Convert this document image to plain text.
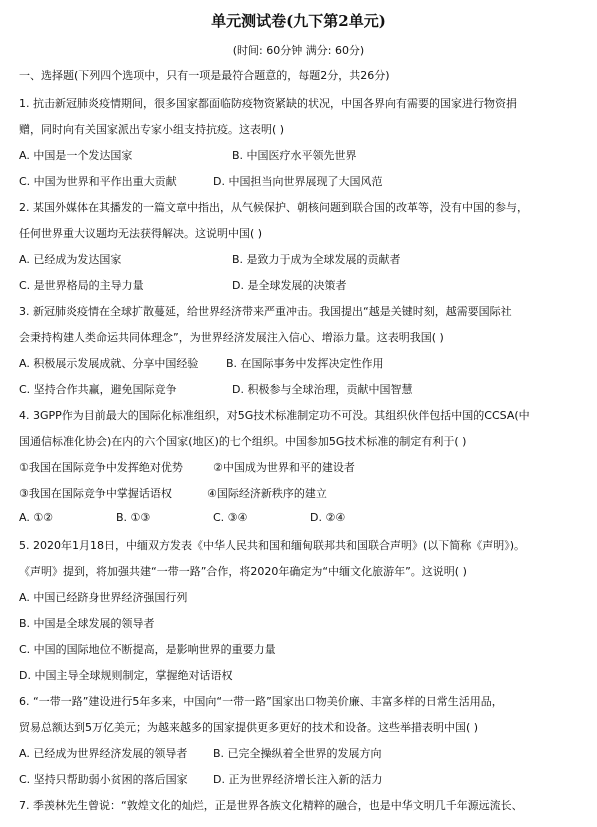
单元测试卷(九下第2单元)
(时间: 60分钟 满分: 60分)
一、选择题(下列四个选项中，只有一项是最符合题意的，每题2分，共26分)
1. 抗击新冠肺炎疫情期间，很多国家都面临防疫物资紧缺的状况，中国各界向有需要的国家进行物资捐
赠，同时向有关国家派出专家小组支持抗疫。这表明( )
A. 中国是一个发达国家	B. 中国医疗水平领先世界
C. 中国为世界和平作出重大贡献	D. 中国担当向世界展现了大国风范
2. 某国外媒体在其播发的一篇文章中指出，从气候保护、朝核问题到联合国的改革等，没有中国的参与，
任何世界重大议题均无法获得解决。这说明中国( )
A. 已经成为发达国家	B. 是致力于成为全球发展的贡献者
C. 是世界格局的主导力量	D. 是全球发展的决策者
3. 新冠肺炎疫情在全球扩散蔓延，给世界经济带来严重冲击。我国提出“越是关键时刻，越需要国际社
会秉持构建人类命运共同体理念”，为世界经济发展注入信心、增添力量。这表明我国( )
A. 积极展示发展成就、分享中国经验	B. 在国际事务中发挥决定性作用
C. 坚持合作共赢，避免国际竞争	D. 积极参与全球治理，贡献中国智慧
4. 3GPP作为目前最大的国际化标准组织，对5G技术标准制定功不可没。其组织伙伴包括中国的CCSA(中
国通信标准化协会)在内的六个国家(地区)的七个组织。中国参加5G技术标准的制定有利于( )
①我国在国际竞争中发挥绝对优势	②中国成为世界和平的建设者
③我国在国际竞争中掌握话语权	④国际经济新秩序的建立
A. ①②	B. ①③	C. ③④	D. ②④
5. 2020年1月18日，中缅双方发表《中华人民共和国和缅甸联邦共和国联合声明》(以下简称《声明》)。
《声明》提到，将加强共建“一带一路”合作，将2020年确定为“中缅文化旅游年”。这说明( )
A. 中国已经跻身世界经济强国行列
B. 中国是全球发展的领导者
C. 中国的国际地位不断提高，是影响世界的重要力量
D. 中国主导全球规则制定，掌握绝对话语权
6. “一带一路”建设进行5年多来，中国向“一带一路”国家出口物美价廉、丰富多样的日常生活用品，
贸易总额达到5万亿美元；为越来越多的国家提供更多更好的技术和设备。这些举措表明中国( )
A. 已经成为世界经济发展的领导者 B. 已完全操纵着全世界的发展方向
C. 坚持只帮助弱小贫困的落后国家 D. 正为世界经济增长注入新的活力
7. 季羡林先生曾说：“敦煌文化的灿烂，正是世界各族文化精粹的融合，也是中华文明几千年源远流长、
